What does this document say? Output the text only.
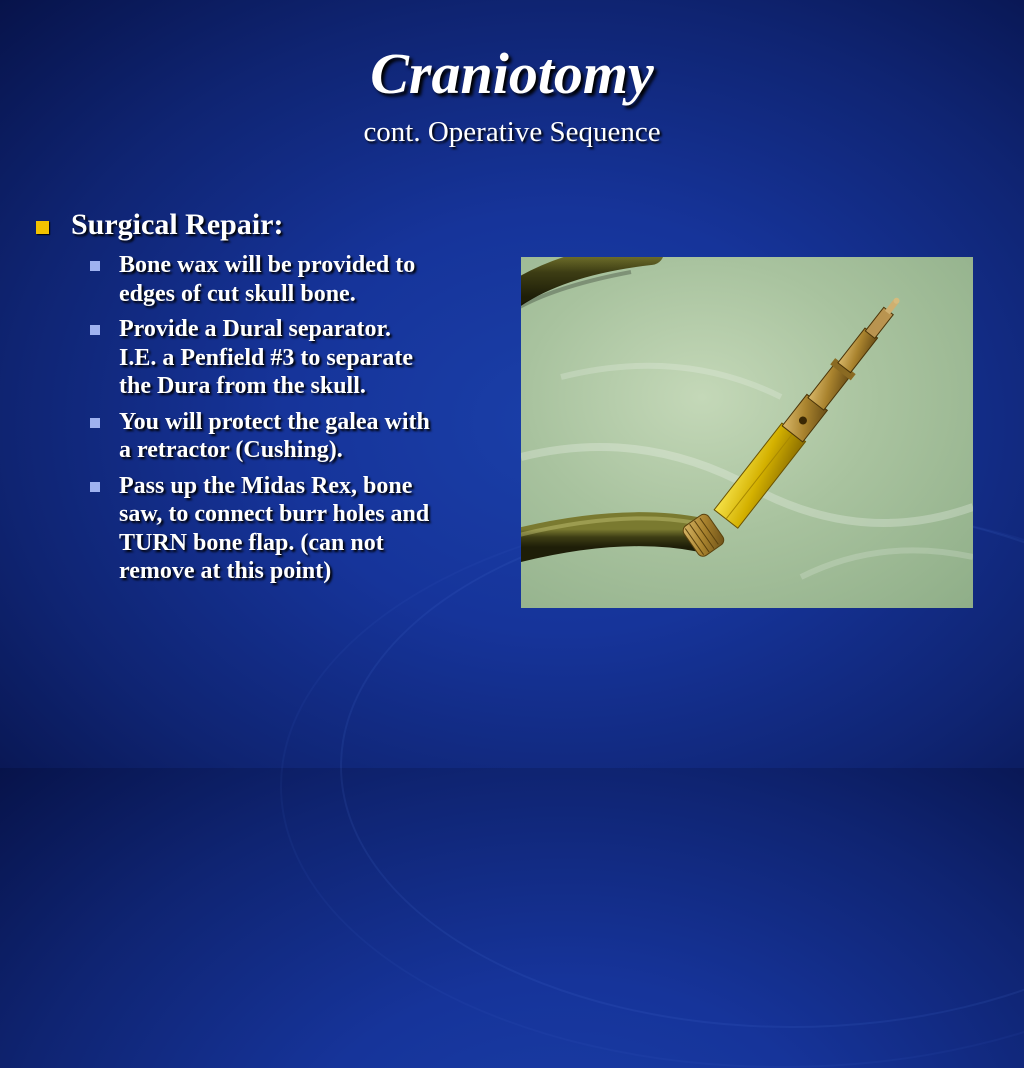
Craniotomy
cont. Operative Sequence
Surgical Repair:
Bone wax will be provided to edges of cut skull bone.
Provide a Dural separator. I.E. a Penfield #3 to separate the Dura from the skull.
You will protect the galea with a retractor (Cushing).
Pass up the Midas Rex, bone saw, to connect burr holes and TURN bone flap. (can not remove at this point)
